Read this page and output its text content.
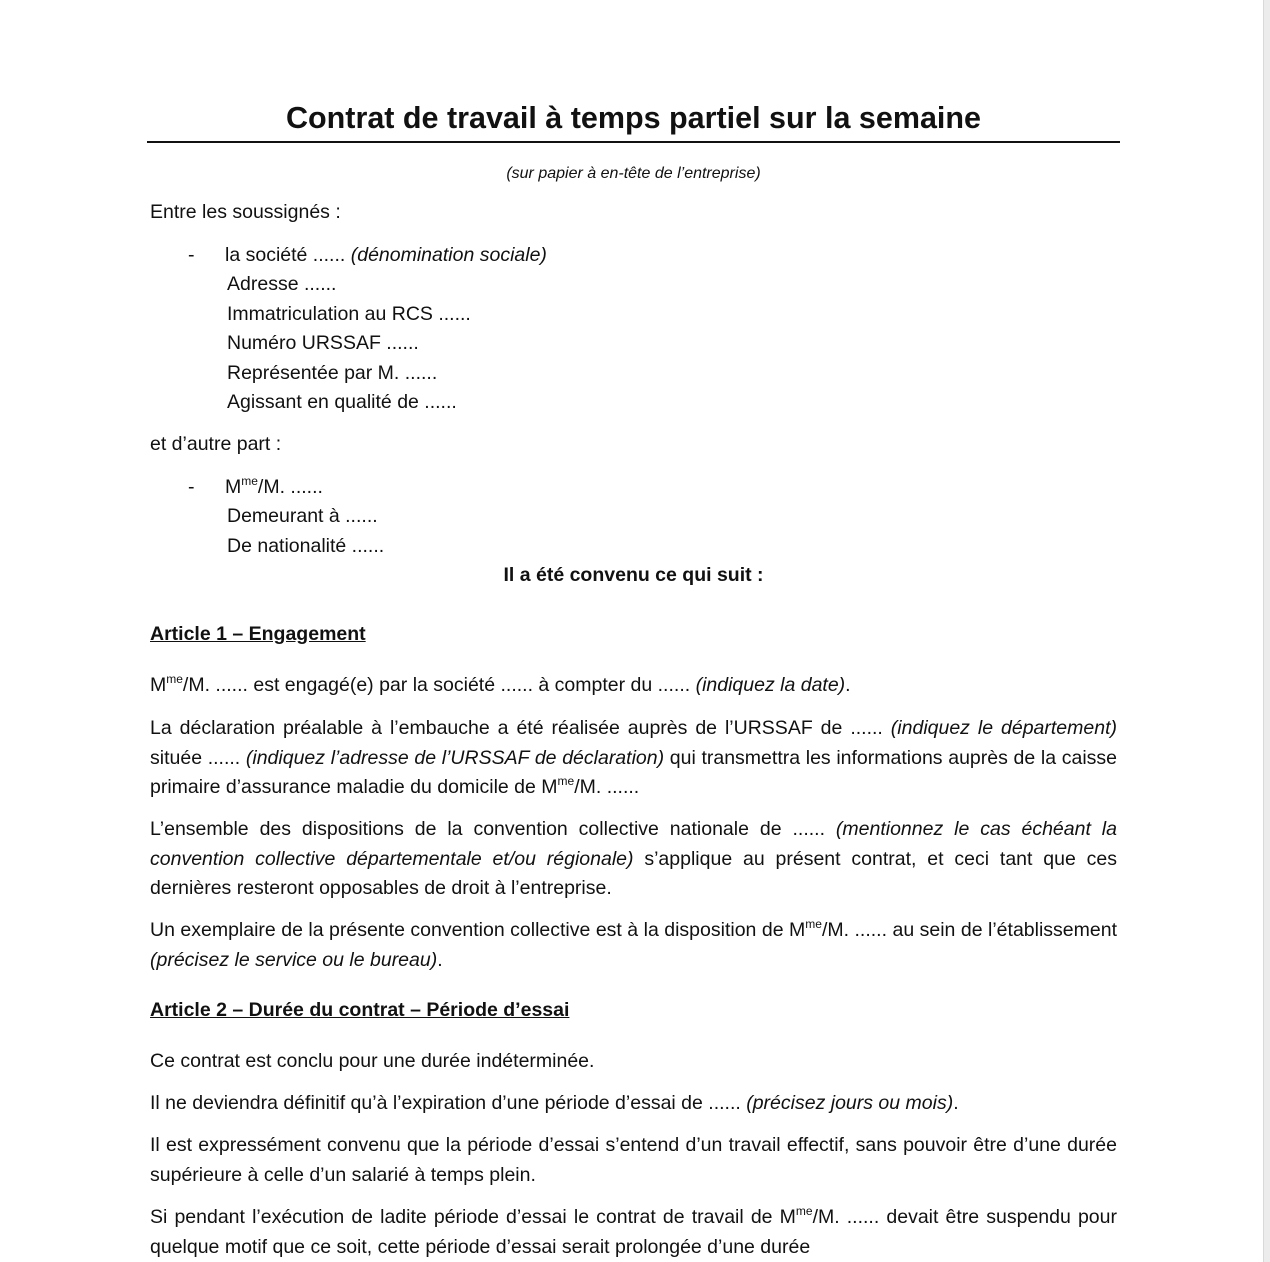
Contrat de travail à temps partiel sur la semaine
(sur papier à en-tête de l’entreprise)

Entre les soussignés :

- la société ...... (dénomination sociale)
Adresse ......
Immatriculation au RCS ......
Numéro URSSAF ......
Représentée par M. ......
Agissant en qualité de ......

et d’autre part :

- $M^{me}/M$. ......
Demeurant à ......
De nationalité ......
Il a été convenu ce qui suit :
Article 1 – Engagement

$M^{me}/M$. ...... est engagé(e) par la société ...... à compter du ...... (indiquez la date).

La déclaration préalable à l’embauche a été réalisée auprès de l’URSSAF de ...... (indiquez le département) située ...... (indiquez l’adresse de l’URSSAF de déclaration) qui transmettra les informations auprès de la caisse primaire d’assurance maladie du domicile de $M^{me}/M$. ......

L’ensemble des dispositions de la convention collective nationale de ...... (mentionnez le cas échéant la convention collective départementale et/ou régionale) s’applique au présent contrat, et ceci tant que ces dernières resteront opposables de droit à l’entreprise.

Un exemplaire de la présente convention collective est à la disposition de $M^{me}/M$. ...... au sein de l’établissement (précisez le service ou le bureau).

Article 2 – Durée du contrat – Période d’essai

Ce contrat est conclu pour une durée indéterminée.

Il ne deviendra définitif qu’à l’expiration d’une période d’essai de ...... (précisez jours ou mois).

Il est expressément convenu que la période d’essai s’entend d’un travail effectif, sans pouvoir être d’une durée supérieure à celle d’un salarié à temps plein.

Si pendant l’exécution de ladite période d’essai le contrat de travail de $M^{me}/M$. ...... devait être suspendu pour quelque motif que ce soit, cette période d’essai serait prolongée d’une durée
